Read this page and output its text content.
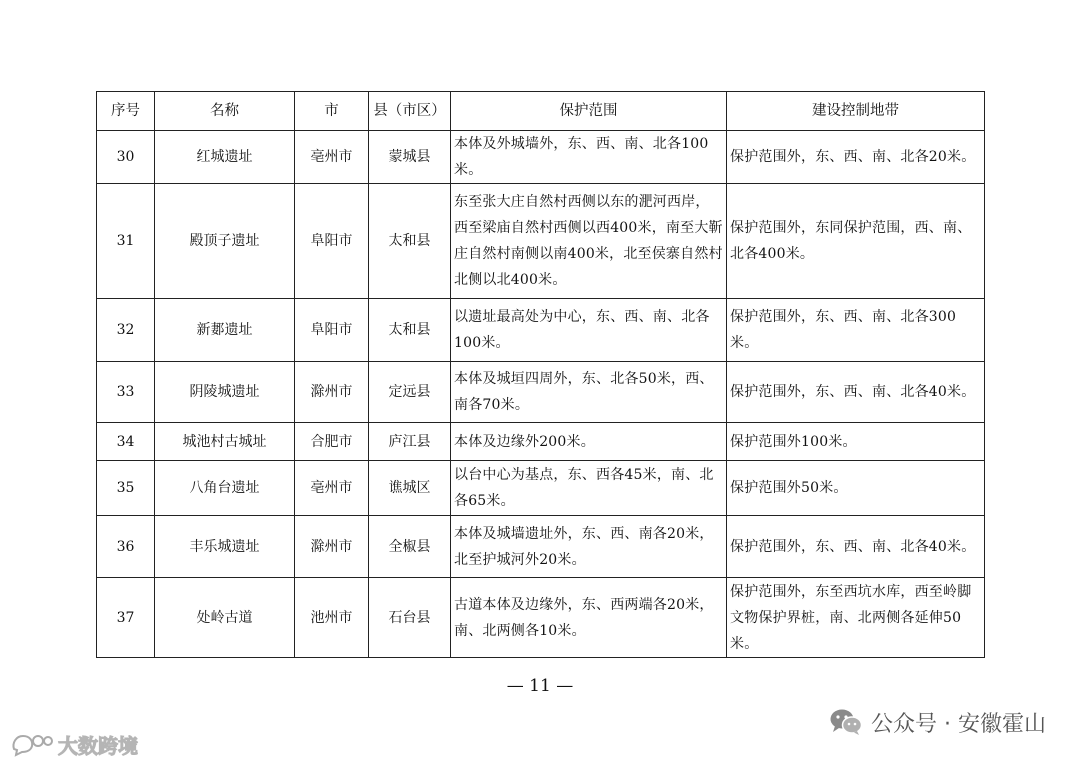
序号	名称	市	县（市区）	保护范围	建设控制地带
30	红城遗址	亳州市	蒙城县	本体及外城墙外，东、西、南、北各100米。	保护范围外，东、西、南、北各20米。
31	殿顶子遗址	阜阳市	太和县	东至张大庄自然村西侧以东的淝河西岸，西至梁庙自然村西侧以西400米，南至大靳庄自然村南侧以南400米，北至侯寨自然村北侧以北400米。	保护范围外，东同保护范围，西、南、北各400米。
32	新郪遗址	阜阳市	太和县	以遗址最高处为中心，东、西、南、北各100米。	保护范围外，东、西、南、北各300米。
33	阴陵城遗址	滁州市	定远县	本体及城垣四周外，东、北各50米，西、南各70米。	保护范围外，东、西、南、北各40米。
34	城池村古城址	合肥市	庐江县	本体及边缘外200米。	保护范围外100米。
35	八角台遗址	亳州市	谯城区	以台中心为基点，东、西各45米，南、北各65米。	保护范围外50米。
36	丰乐城遗址	滁州市	全椒县	本体及城墙遗址外，东、西、南各20米，北至护城河外20米。	保护范围外，东、西、南、北各40米。
37	处岭古道	池州市	石台县	古道本体及边缘外，东、西两端各20米，南、北两侧各10米。	保护范围外，东至西坑水库，西至岭脚文物保护界桩，南、北两侧各延伸50米。
— 11 —
大数跨境
公众号 · 安徽霍山
